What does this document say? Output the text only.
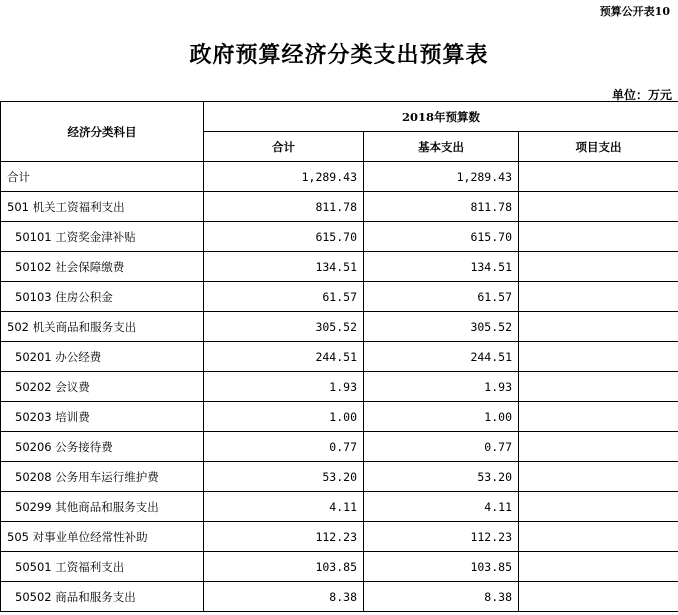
预算公开表10
政府预算经济分类支出预算表
单位：万元
经济分类科目	2018年预算数		
	合计	基本支出	项目支出
合计	1,289.43	1,289.43	
501 机关工资福利支出	811.78	811.78	
50101 工资奖金津补贴	615.70	615.70	
50102 社会保障缴费	134.51	134.51	
50103 住房公积金	61.57	61.57	
502 机关商品和服务支出	305.52	305.52	
50201 办公经费	244.51	244.51	
50202 会议费	1.93	1.93	
50203 培训费	1.00	1.00	
50206 公务接待费	0.77	0.77	
50208 公务用车运行维护费	53.20	53.20	
50299 其他商品和服务支出	4.11	4.11	
505 对事业单位经常性补助	112.23	112.23	
50501 工资福利支出	103.85	103.85	
50502 商品和服务支出	8.38	8.38	
